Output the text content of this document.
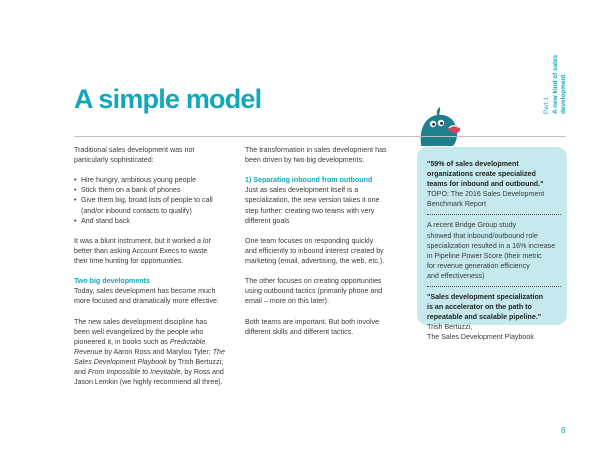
A simple model	Part 1 A new kind of sales development

Traditional sales development was not
particularly sophisticated:

• Hire hungry, ambitious young people
• Stick them on a bank of phones
• Give them big, broad lists of people to call
(and/or inbound contacts to qualify)
• And stand back

It was a blunt instrument, but it worked a lot
better than asking Account Execs to waste
their time hunting for opportunities.

Two big developments

Today, sales development has become much
more focused and dramatically more effective.

The new sales development discipline has
been well evangelized by the people who
pioneered it, in books such as Predictable
Revenue by Aaron Ross and Marylou Tyler; The
Sales Development Playbook by Trish Bertuzzi;
and From Impossible to Inevitable, by Ross and
Jason Lemkin (we highly recommend all three).

The transformation in sales development has
been driven by two big developments:

1) Separating inbound from outbound

Just as sales development itself is a
specialization, the new version takes it one
step further: creating two teams with very
different goals

One team focuses on responding quickly
and efficiently to inbound interest created by
marketing (email, advertising, the web, etc.).

The other focuses on creating opportunities
using outbound tactics (primarily phone and
email – more on this later).

Both teams are important. But both involve
different skills and different tactics.

"59% of sales development
organizations create specialized
teams for inbound and outbound."

TOPO: The 2016 Sales Development
Benchmark Report

A recent Bridge Group study
showed that inbound/outbound role
specialization resulted in a 16% increase
in Pipeline Power Score (their metric
for revenue generation efficiency
and effectiveness)

"Sales development specialization
is an accelerator on the path to
repeatable and scalable pipeline."

Trish Bertuzzi,
The Sales Development Playbook

6
